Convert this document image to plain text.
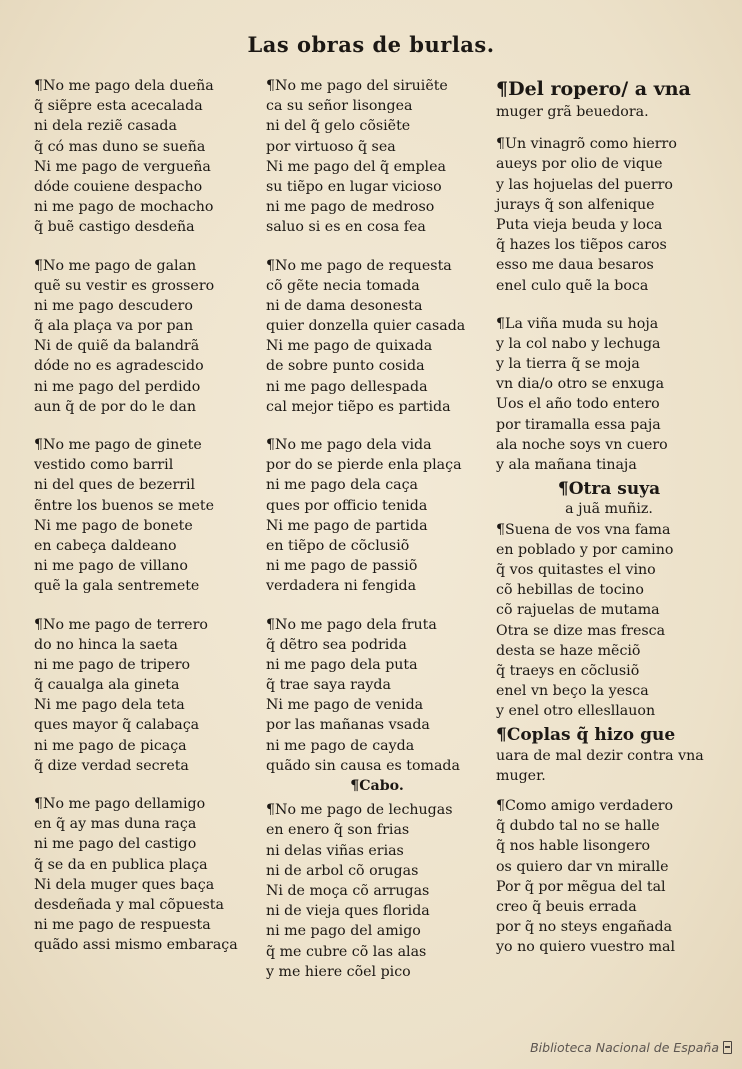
Las obras de burlas.
¶No me pago dela dueña
q̃ siẽpre esta acecalada
ni dela reziẽ casada
q̃ có mas duno se sueña
Ni me pago de vergueña
dóde couiene despacho
ni me pago de mochacho
q̃ buẽ castigo desdeña
¶No me pago de galan
quẽ su vestir es grossero
ni me pago descudero
q̃ ala plaça va por pan
Ni de quiẽ da balandrã
dóde no es agradescido
ni me pago del perdido
aun q̃ de por do le dan
¶No me pago de ginete
vestido como barril
ni del ques de bezerril
ẽntre los buenos se mete
Ni me pago de bonete
en cabeça daldeano
ni me pago de villano
quẽ la gala sentremete
¶No me pago de terrero
do no hinca la saeta
ni me pago de tripero
q̃ caualga ala gineta
Ni me pago dela teta
ques mayor q̃ calabaça
ni me pago de picaça
q̃ dize verdad secreta
¶No me pago dellamigo
en q̃ ay mas duna raça
ni me pago del castigo
q̃ se da en publica plaça
Ni dela muger ques baça
desdeñada y mal cõpuesta
ni me pago de respuesta
quãdo assi mismo embaraça
¶No me pago del siruiẽte
ca su señor lisongea
ni del q̃ gelo cõsiẽte
por virtuoso q̃ sea
Ni me pago del q̃ emplea
su tiẽpo en lugar vicioso
ni me pago de medroso
saluo si es en cosa fea
¶No me pago de requesta
cõ gẽte necia tomada
ni de dama desonesta
quier donzella quier casada
Ni me pago de quixada
de sobre punto cosida
ni me pago dellespada
cal mejor tiẽpo es partida
¶No me pago dela vida
por do se pierde enla plaça
ni me pago dela caça
ques por officio tenida
Ni me pago de partida
en tiẽpo de cõclusiõ
ni me pago de passiõ
verdadera ni fengida
¶No me pago dela fruta
q̃ dẽtro sea podrida
ni me pago dela puta
q̃ trae saya rayda
Ni me pago de venida
por las mañanas vsada
ni me pago de cayda
quãdo sin causa es tomada
¶Cabo.
¶No me pago de lechugas
en enero q̃ son frias
ni delas viñas erias
ni de arbol cõ orugas
Ni de moça cõ arrugas
ni de vieja ques florida
ni me pago del amigo
q̃ me cubre cõ las alas
y me hiere cõel pico
¶Del ropero/ a vna
muger grã beuedora.
¶Un vinagrõ como hierro
aueys por olio de vique
y las hojuelas del puerro
jurays q̃ son alfenique
Puta vieja beuda y loca
q̃ hazes los tiẽpos caros
esso me daua besaros
enel culo quẽ la boca
¶La viña muda su hoja
y la col nabo y lechuga
y la tierra q̃ se moja
vn dia/o otro se enxuga
Uos el año todo entero
por tiramalla essa paja
ala noche soys vn cuero
y ala mañana tinaja
¶Otra suya
a juã muñiz.
¶Suena de vos vna fama
en poblado y por camino
q̃ vos quitastes el vino
cõ hebillas de tocino
cõ rajuelas de mutama
Otra se dize mas fresca
desta se haze mẽciõ
q̃ traeys en cõclusiõ
enel vn beço la yesca
y enel otro ellesllauon
¶Coplas q̃ hizo gue
uara de mal dezir contra vna
muger.
¶Como amigo verdadero
q̃ dubdo tal no se halle
q̃ nos hable lisongero
os quiero dar vn miralle
Por q̃ por mẽgua del tal
creo q̃ beuis errada
por q̃ no steys engañada
yo no quiero vuestro mal
Biblioteca Nacional de España
